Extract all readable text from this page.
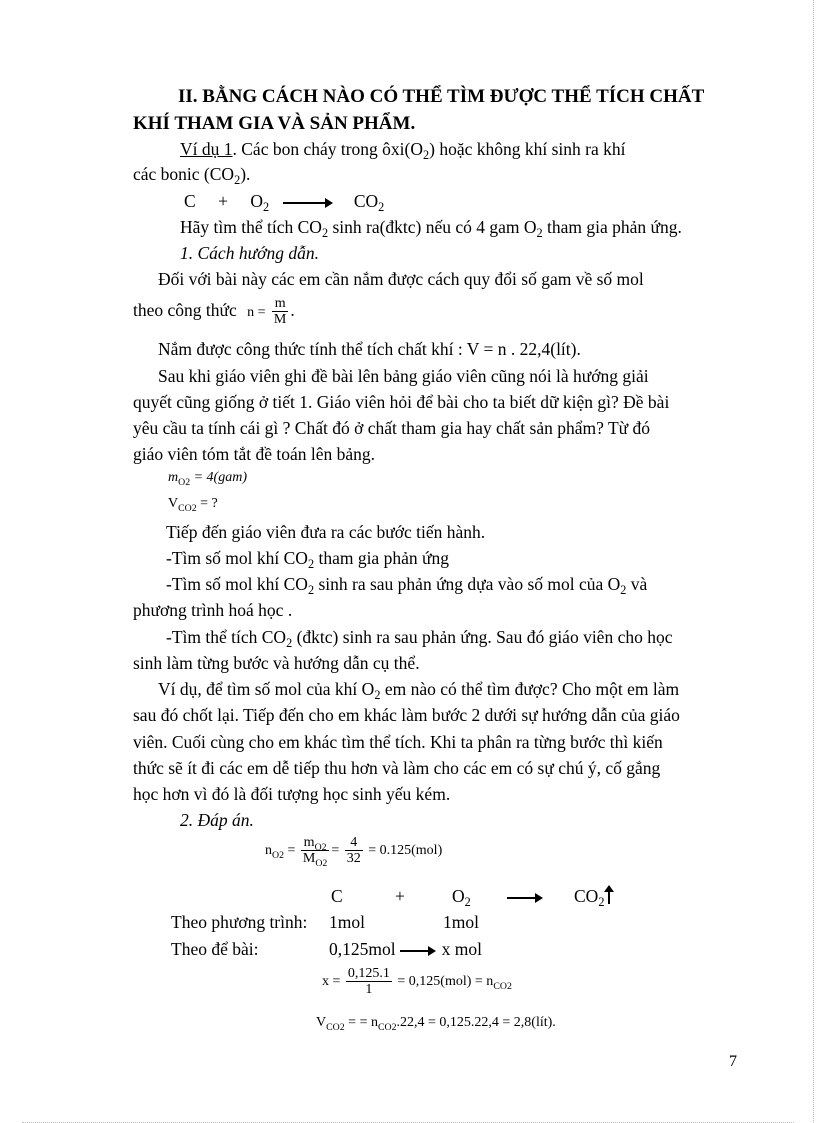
II. BẰNG CÁCH NÀO CÓ THỂ TÌM ĐƯỢC THỂ TÍCH CHẤT
KHÍ THAM GIA VÀ SẢN PHẨM.
Ví dụ 1. Các bon cháy trong $ôxi(O_2)$ hoặc không khí sinh ra khí
các bonic $(CO_2)$.
$C + O_2 \to CO_2$
Hãy tìm thể tích $CO_2$ sinh ra(đktc) nếu có 4 gam $O_2$ tham gia phản ứng.
1. Cách hướng dẫn.
Đối với bài này các em cần nắm được cách quy đổi số gam về số mol
theo công thức $n = \frac{m}{M}$ .
Nắm được công thức tính thể tích chất khí : V = n . 22,4(lít).
Sau khi giáo viên ghi đề bài lên bảng giáo viên cũng nói là hướng giải
quyết cũng giống ở tiết 1. Giáo viên hỏi để bài cho ta biết dữ kiện gì? Đề bài
yêu cầu ta tính cái gì ? Chất đó ở chất tham gia hay chất sản phẩm? Từ đó
giáo viên tóm tắt đề toán lên bảng.
$m_{O2} = 4(gam)$
$V_{CO2}$ = ?
Tiếp đến giáo viên đưa ra các bước tiến hành.
-Tìm số mol khí $CO_2$ tham gia phản ứng
-Tìm số mol khí $CO_2$ sinh ra sau phản ứng dựa vào số mol của $O_2$ và
phương trình hoá học .
-Tìm thể tích $CO_2$ (đktc) sinh ra sau phản ứng. Sau đó giáo viên cho học
sinh làm từng bước và hướng dẫn cụ thể.
Ví dụ, để tìm số mol của khí $O_2$ em nào có thể tìm được? Cho một em làm
sau đó chốt lại. Tiếp đến cho em khác làm bước 2 dưới sự hướng dẫn của giáo
viên. Cuối cùng cho em khác tìm thể tích. Khi ta phân ra từng bước thì kiến
thức sẽ ít đi các em dễ tiếp thu hơn và làm cho các em có sự chú ý, cố gắng
học hơn vì đó là đối tượng học sinh yếu kém.
2. Đáp án.
$n_{O2} = \frac{m_{O2}}{M_{O2}} = \frac{4}{32} = 0.125(mol)$
C	+	$O_2$	$CO_2$
Theo phương trình: 1mol	1mol
Theo để bài:	0,125mol	x mol
$x = \frac{0,125.1}{1} = 0,125(mol) = n_{CO2}$
$V_{CO2}$ = = $n_{CO2}.22,4 = 0,125.22,4$ = 2,8(lít).
7
